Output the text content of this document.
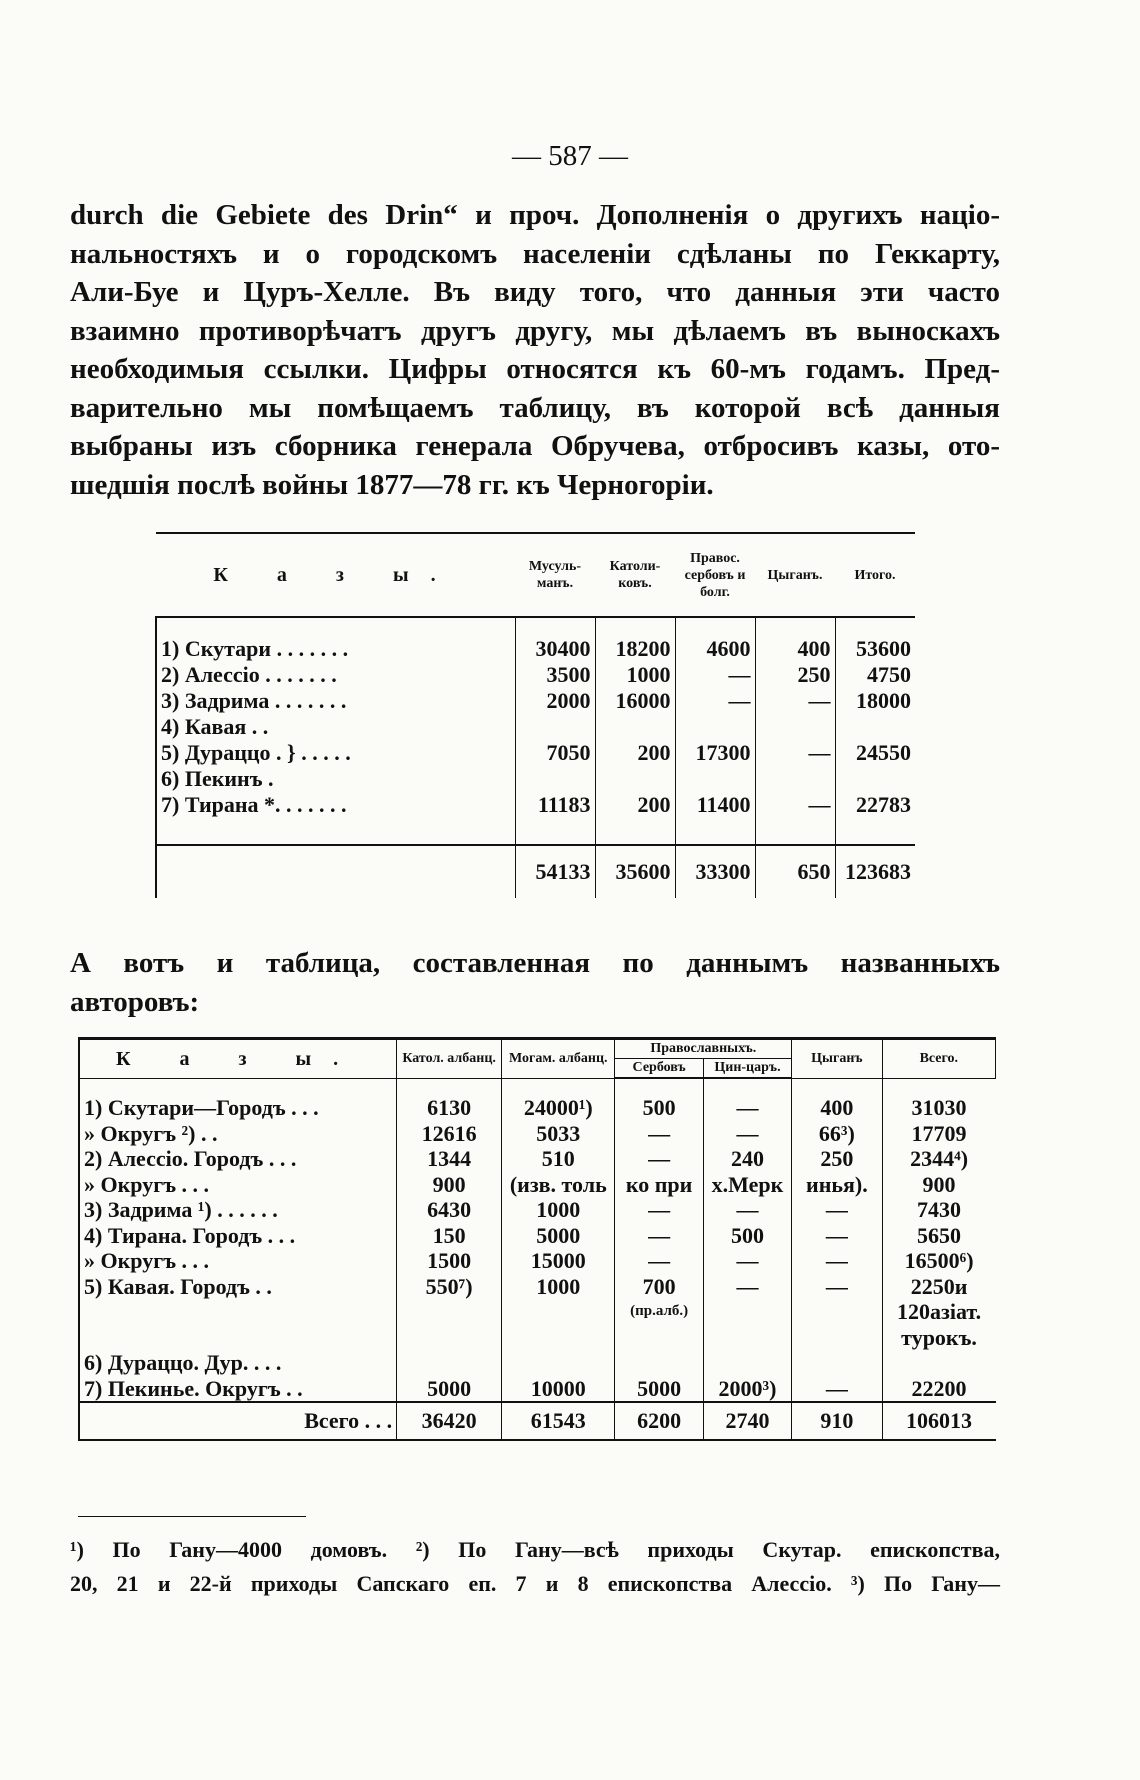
— 587 —
durch die Gebiete des Drin“ и проч. Дополненія о другихъ націо-
нальностяхъ и о городскомъ населеніи сдѣланы по Геккарту,
Али-Буе и Цуръ-Хелле. Въ виду того, что данныя эти часто
взаимно противорѣчатъ другъ другу, мы дѣлаемъ въ выноскахъ
необходимыя ссылки. Цифры относятся къ 60-мъ годамъ. Пред-
варительно мы помѣщаемъ таблицу, въ которой всѣ данныя
выбраны изъ сборника генерала Обручева, отбросивъ казы, ото-
шедшія послѣ войны 1877—78 гг. къ Черногоріи.
К а з ы.	Мусуль-манъ.	Католи-ковъ.	Правос. сербовъ и болг.	Цыганъ.	Итого.

1) Скутари . . . . . . .	30400	18200	4600	400	53600
2) Алессіо . . . . . . .	3500	1000	—	250	4750
3) Задрима . . . . . . .	2000	16000	—	—	18000
4) Кавая . .					
5) Дураццо . } . . . . .	7050	200	17300	—	24550
6) Пекинъ .					
7) Тирана *. . . . . . .	11183	200	11400	—	22783

	54133	35600	33300	650	123683
А вотъ и таблица, составленная по даннымъ названныхъ
авторовъ:
К а з ы.	Катол. албанц.	Могам. албанц.	Православныхъ.		Цыганъ	Всего.
			Сербовъ	Цин-царъ.		

1) Скутари—Городъ . . .	6130	24000¹)	500	—	400	31030
» Округъ ²) . .	12616	5033	—	—	66³)	17709
2) Алессіо. Городъ . . .	1344	510	—	240	250	2344⁴)
» Округъ . . .	900	(изв. толь	ко при	х.Мерк	инья).	900
3) Задрима ¹) . . . . . .	6430	1000	—	—	—	7430
4) Тирана. Городъ . . .	150	5000	—	500	—	5650
» Округъ . . .	1500	15000	—	—	—	16500⁶)
5) Кавая. Городъ . .	550⁷)	1000	700	—	—	2250и
			(пр.алб.)			120азіат.
						турокъ.
6) Дураццо. Дур. . . .						
7) Пекинье. Округъ . .	5000	10000	5000	2000³)	—	22200
Всего . . .	36420	61543	6200	2740	910	106013
¹) По Гану—4000 домовъ. ²) По Гану—всѣ приходы Скутар. епископства,
20, 21 и 22-й приходы Сапскаго еп. 7 и 8 епископства Алессіо. ³) По Гану—
